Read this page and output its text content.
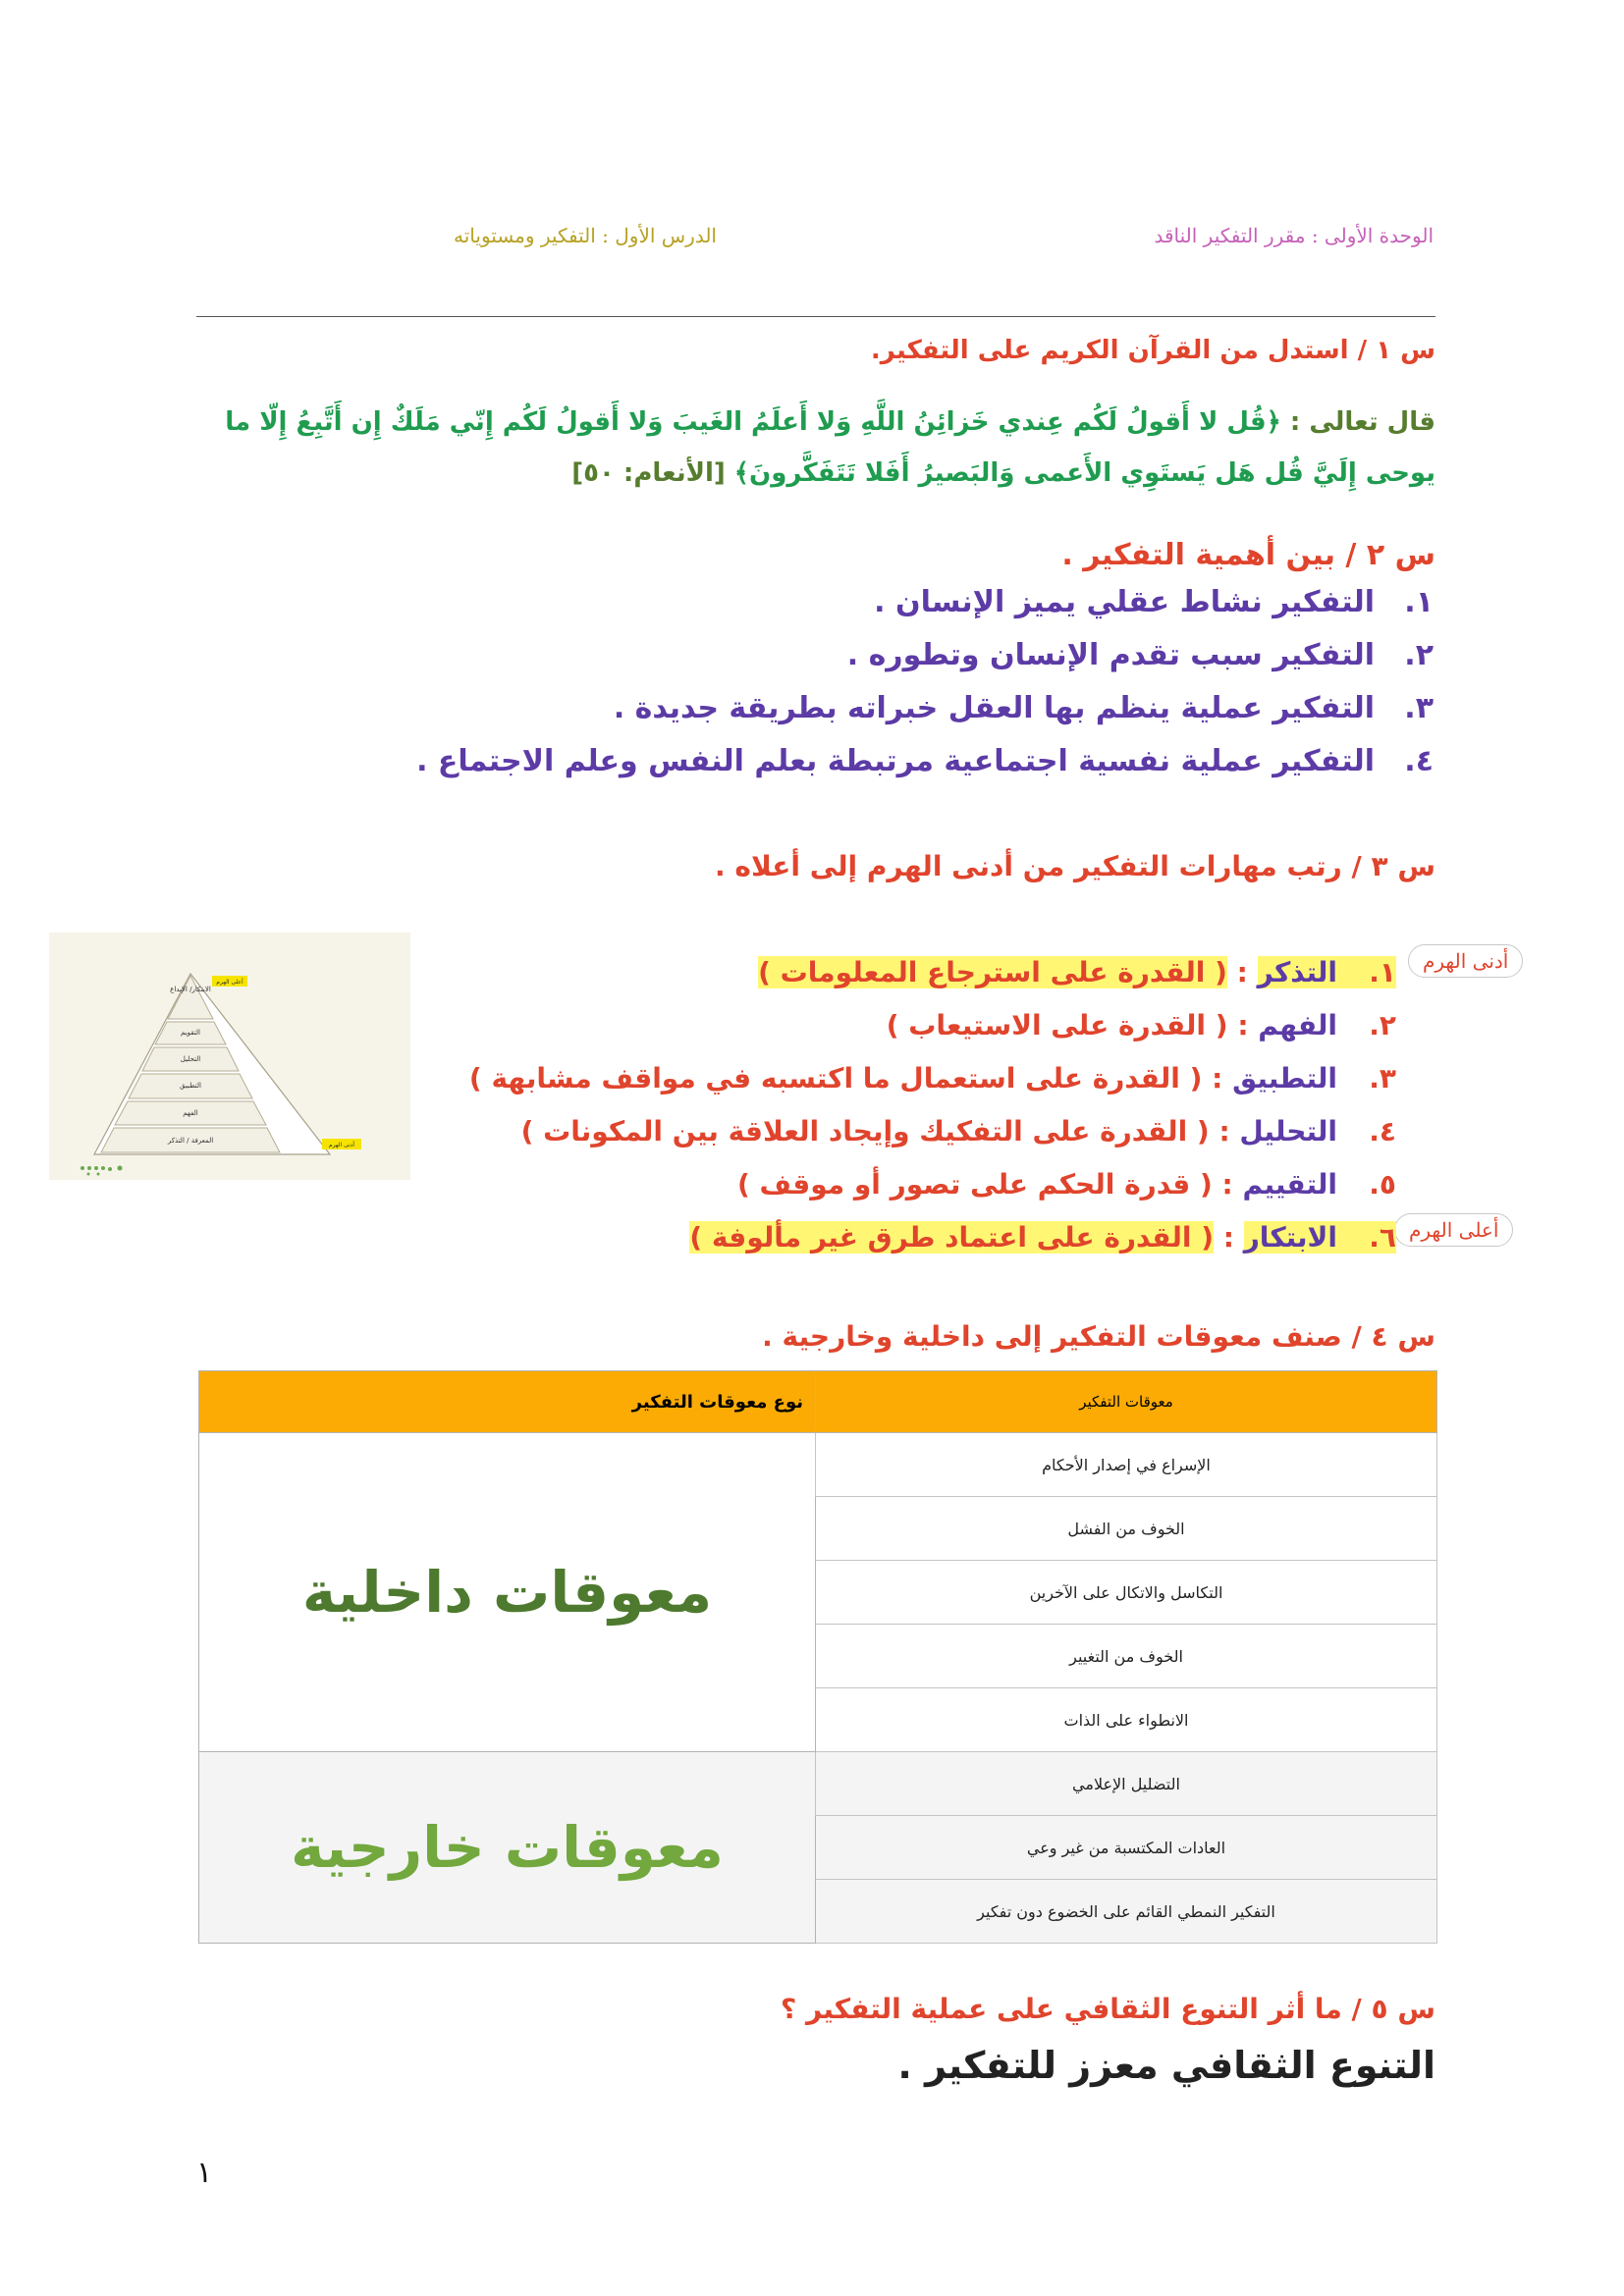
الوحدة الأولى : مقرر التفكير الناقد
الدرس الأول : التفكير ومستوياته
س ١ / استدل من القرآن الكريم على التفكير.
قال تعالى : ﴿قُل لا أَقولُ لَكُم عِندي خَزائِنُ اللَّهِ وَلا أَعلَمُ الغَيبَ وَلا أَقولُ لَكُم إِنّي مَلَكٌ إِن أَتَّبِعُ إِلّا ما يوحى إِلَيَّ قُل هَل يَستَوِي الأَعمى وَالبَصيرُ أَفَلا تَتَفَكَّرونَ﴾ [الأنعام: ٥٠]
س ٢ / بين أهمية التفكير .
١.التفكير نشاط عقلي يميز الإنسان .
٢.التفكير سبب تقدم الإنسان وتطوره .
٣.التفكير عملية ينظم بها العقل خبراته بطريقة جديدة .
٤.التفكير عملية نفسية اجتماعية مرتبطة بعلم النفس وعلم الاجتماع .
س ٣ / رتب مهارات التفكير من أدنى الهرم إلى أعلاه .
أدنى الهرم
أعلى الهرم
١.التذكر : ( القدرة على استرجاع المعلومات )
٢.الفهم : ( القدرة على الاستيعاب )
٣.التطبيق : ( القدرة على استعمال ما اكتسبه في مواقف مشابهة )
٤.التحليل : ( القدرة على التفكيك وإيجاد العلاقة بين المكونات )
٥.التقييم : ( قدرة الحكم على تصور أو موقف )
٦.الابتكار : ( القدرة على اعتماد طرق غير مألوفة )
الابتكار/ الإبداع
التقويم
التحليل
التطبيق
الفهم
المعرفة / التذكر
أعلى الهرم
أدنى الهرم
س ٤ / صنف معوقات التفكير إلى داخلية وخارجية .
معوقات التفكير	نوع معوقات التفكير
الإسراع في إصدار الأحكام	معوقات داخلية
الخوف من الفشل	
التكاسل والاتكال على الآخرين	
الخوف من التغيير	
الانطواء على الذات	
التضليل الإعلامي	معوقات خارجية
العادات المكتسبة من غير وعي	
التفكير النمطي القائم على الخضوع دون تفكير	
س ٥ / ما أثر التنوع الثقافي على عملية التفكير ؟
التنوع الثقافي معزز للتفكير .
١
